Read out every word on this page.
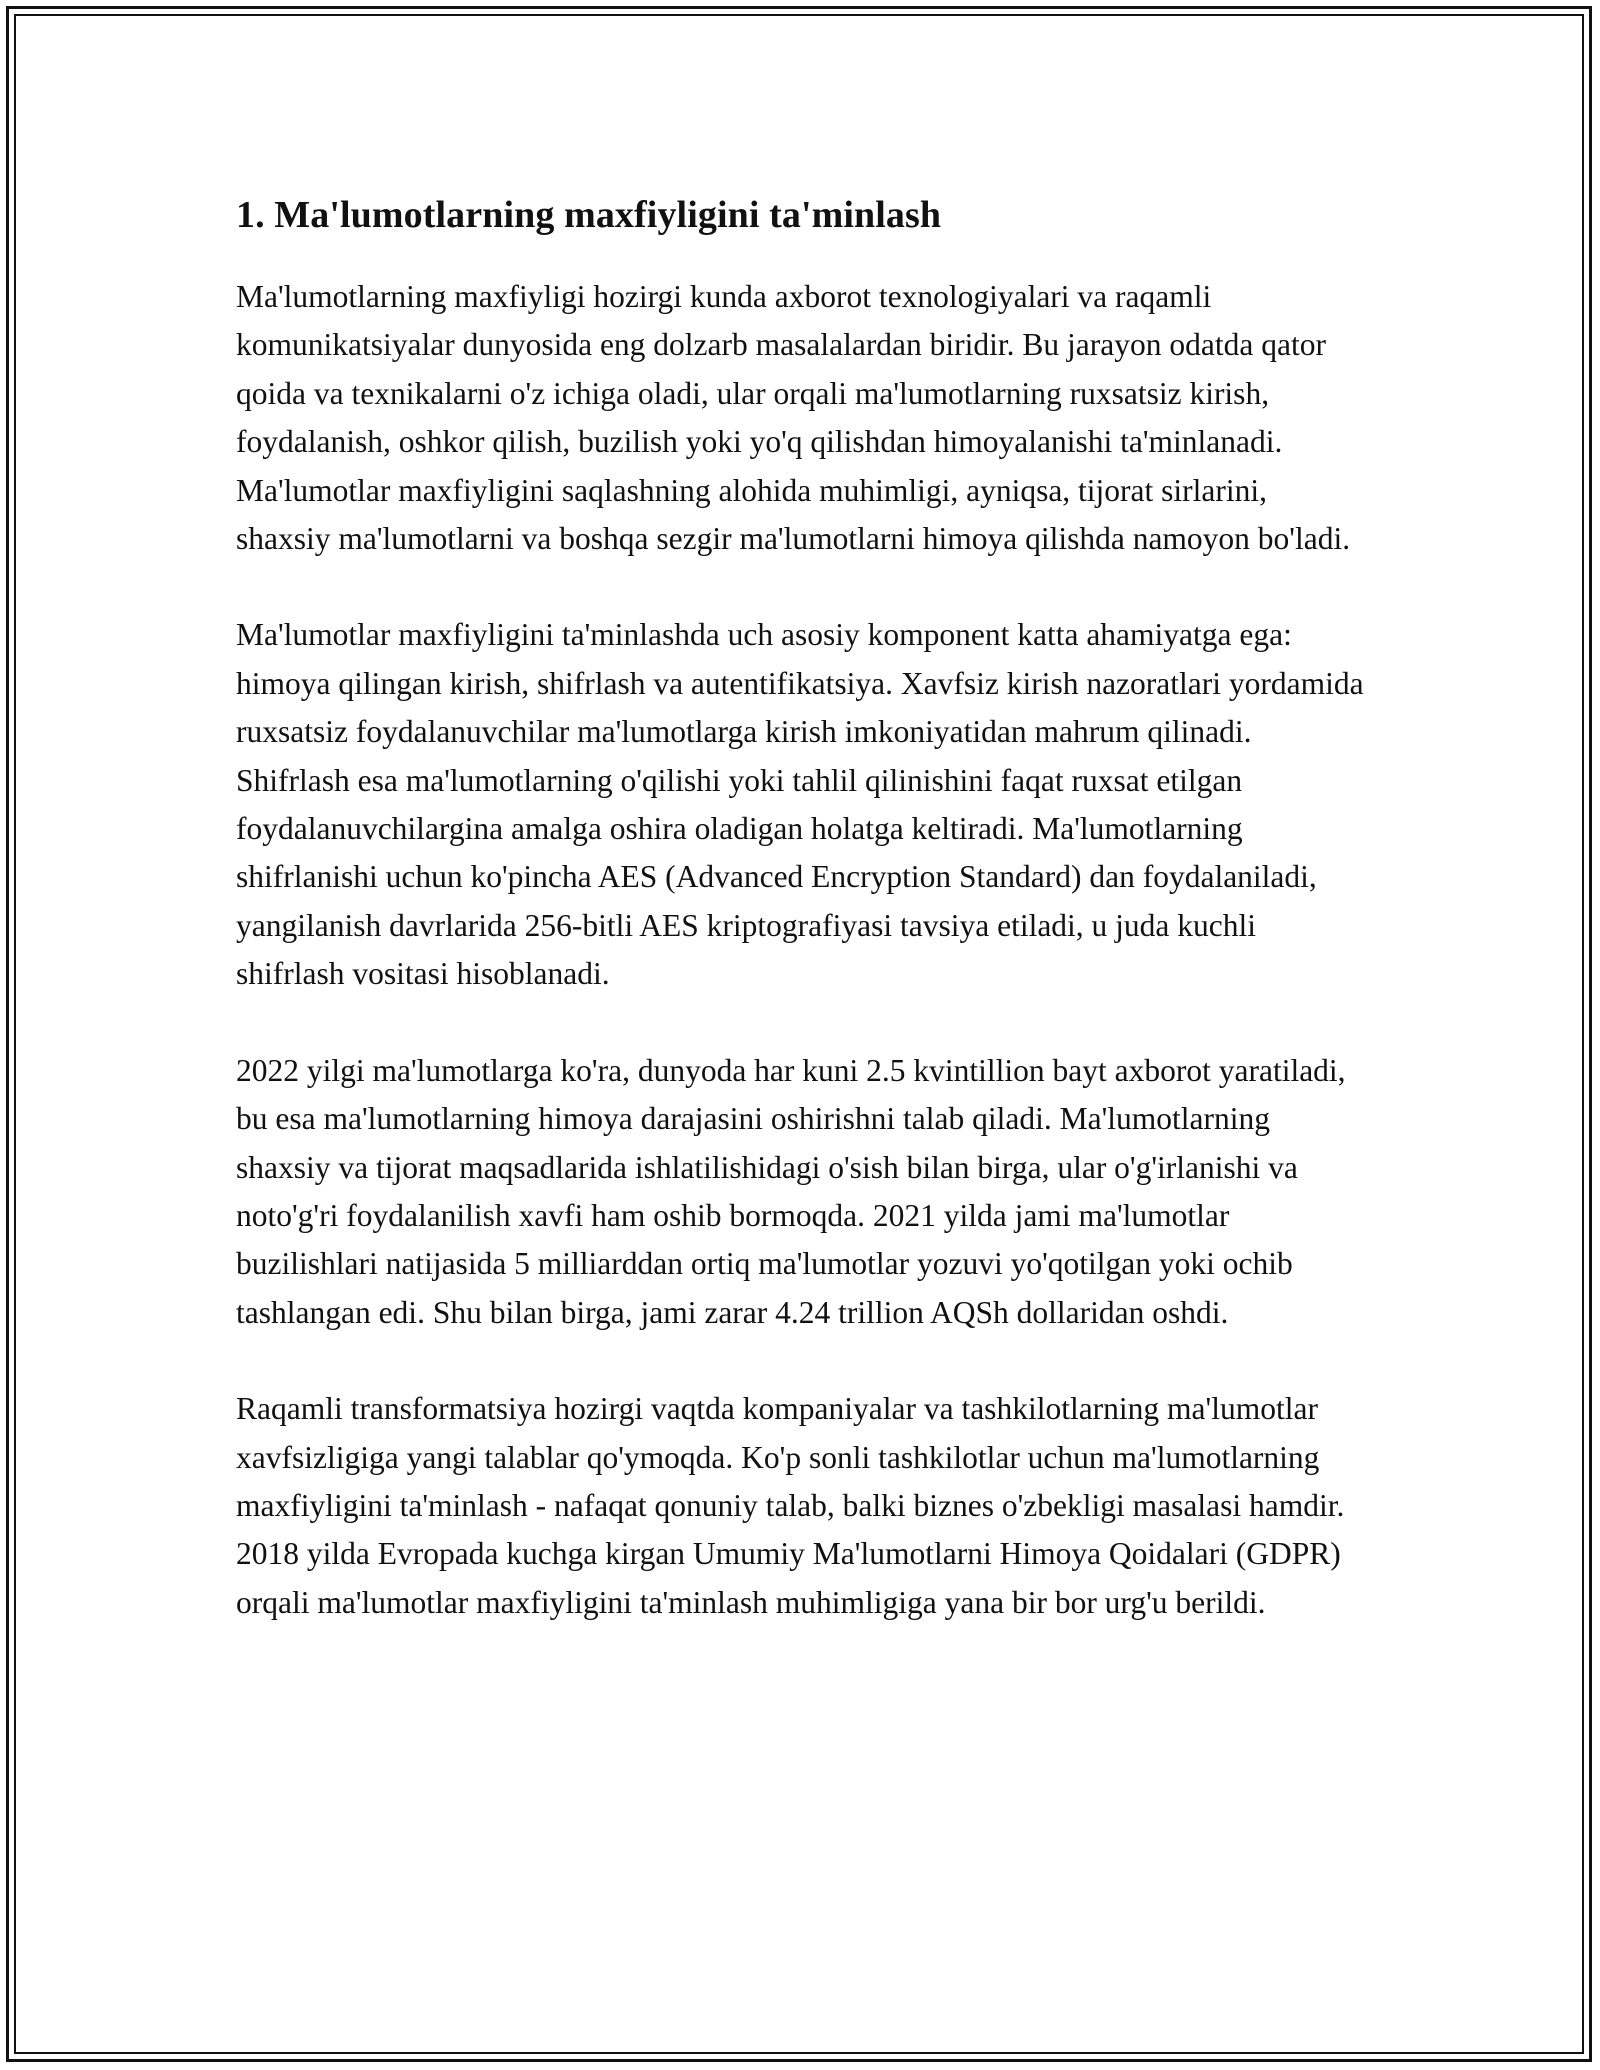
1. Ma'lumotlarning maxfiyligini ta'minlash

Ma'lumotlarning maxfiyligi hozirgi kunda axborot texnologiyalari va raqamli komunikatsiyalar dunyosida eng dolzarb masalalardan biridir. Bu jarayon odatda qator qoida va texnikalarni o'z ichiga oladi, ular orqali ma'lumotlarning ruxsatsiz kirish, foydalanish, oshkor qilish, buzilish yoki yo'q qilishdan himoyalanishi ta'minlanadi. Ma'lumotlar maxfiyligini saqlashning alohida muhimligi, ayniqsa, tijorat sirlarini, shaxsiy ma'lumotlarni va boshqa sezgir ma'lumotlarni himoya qilishda namoyon bo'ladi.

Ma'lumotlar maxfiyligini ta'minlashda uch asosiy komponent katta ahamiyatga ega: himoya qilingan kirish, shifrlash va autentifikatsiya. Xavfsiz kirish nazoratlari yordamida ruxsatsiz foydalanuvchilar ma'lumotlarga kirish imkoniyatidan mahrum qilinadi. Shifrlash esa ma'lumotlarning o'qilishi yoki tahlil qilinishini faqat ruxsat etilgan foydalanuvchilargina amalga oshira oladigan holatga keltiradi. Ma'lumotlarning shifrlanishi uchun ko'pincha AES (Advanced Encryption Standard) dan foydalaniladi, yangilanish davrlarida 256-bitli AES kriptografiyasi tavsiya etiladi, u juda kuchli shifrlash vositasi hisoblanadi.

2022 yilgi ma'lumotlarga ko'ra, dunyoda har kuni 2.5 kvintillion bayt axborot yaratiladi, bu esa ma'lumotlarning himoya darajasini oshirishni talab qiladi. Ma'lumotlarning shaxsiy va tijorat maqsadlarida ishlatilishidagi o'sish bilan birga, ular o'g'irlanishi va noto'g'ri foydalanilish xavfi ham oshib bormoqda. 2021 yilda jami ma'lumotlar buzilishlari natijasida 5 milliarddan ortiq ma'lumotlar yozuvi yo'qotilgan yoki ochib tashlangan edi. Shu bilan birga, jami zarar 4.24 trillion AQSh dollaridan oshdi.

Raqamli transformatsiya hozirgi vaqtda kompaniyalar va tashkilotlarning ma'lumotlar xavfsizligiga yangi talablar qo'ymoqda. Ko'p sonli tashkilotlar uchun ma'lumotlarning maxfiyligini ta'minlash - nafaqat qonuniy talab, balki biznes o'zbekligi masalasi hamdir. 2018 yilda Evropada kuchga kirgan Umumiy Ma'lumotlarni Himoya Qoidalari (GDPR) orqali ma'lumotlar maxfiyligini ta'minlash muhimligiga yana bir bor urg'u berildi.
